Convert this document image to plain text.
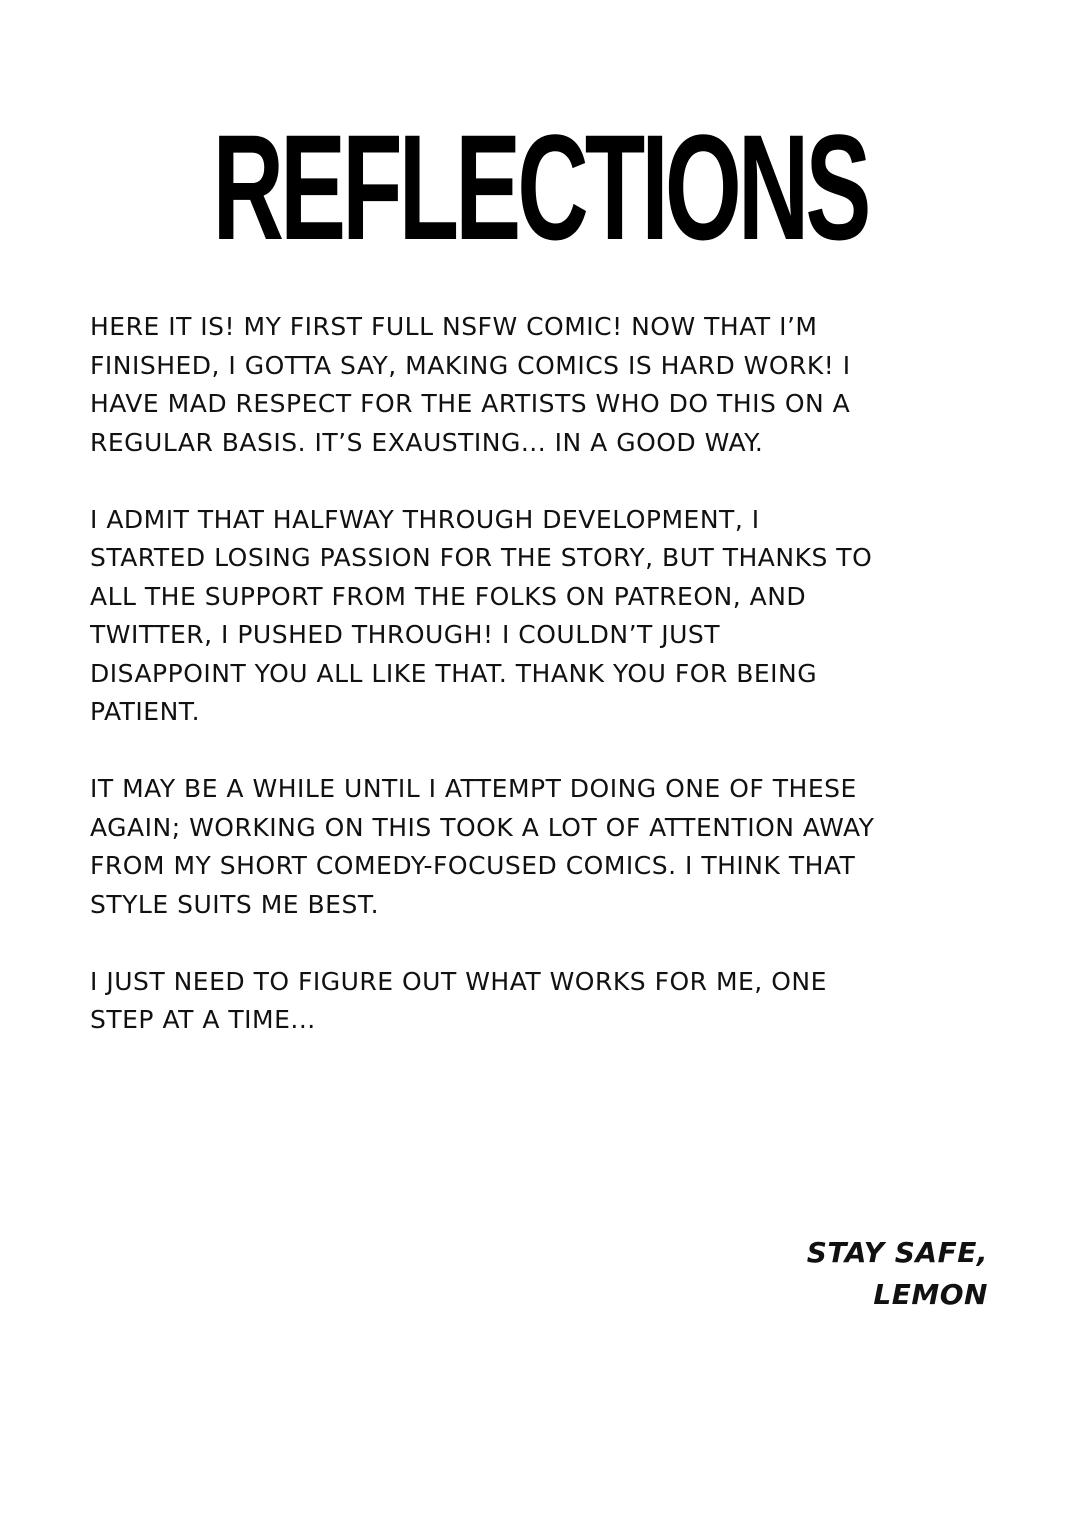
REFLECTIONS

HERE IT IS! MY FIRST FULL NSFW COMIC! NOW THAT I’M
FINISHED, I GOTTA SAY, MAKING COMICS IS HARD WORK! I
HAVE MAD RESPECT FOR THE ARTISTS WHO DO THIS ON A
REGULAR BASIS. IT’S EXAUSTING... IN A GOOD WAY.

I ADMIT THAT HALFWAY THROUGH DEVELOPMENT, I
STARTED LOSING PASSION FOR THE STORY, BUT THANKS TO
ALL THE SUPPORT FROM THE FOLKS ON PATREON, AND
TWITTER, I PUSHED THROUGH! I COULDN’T JUST
DISAPPOINT YOU ALL LIKE THAT. THANK YOU FOR BEING
PATIENT.

IT MAY BE A WHILE UNTIL I ATTEMPT DOING ONE OF THESE
AGAIN; WORKING ON THIS TOOK A LOT OF ATTENTION AWAY
FROM MY SHORT COMEDY-FOCUSED COMICS. I THINK THAT
STYLE SUITS ME BEST.

I JUST NEED TO FIGURE OUT WHAT WORKS FOR ME, ONE
STEP AT A TIME...

STAY SAFE,
LEMON
